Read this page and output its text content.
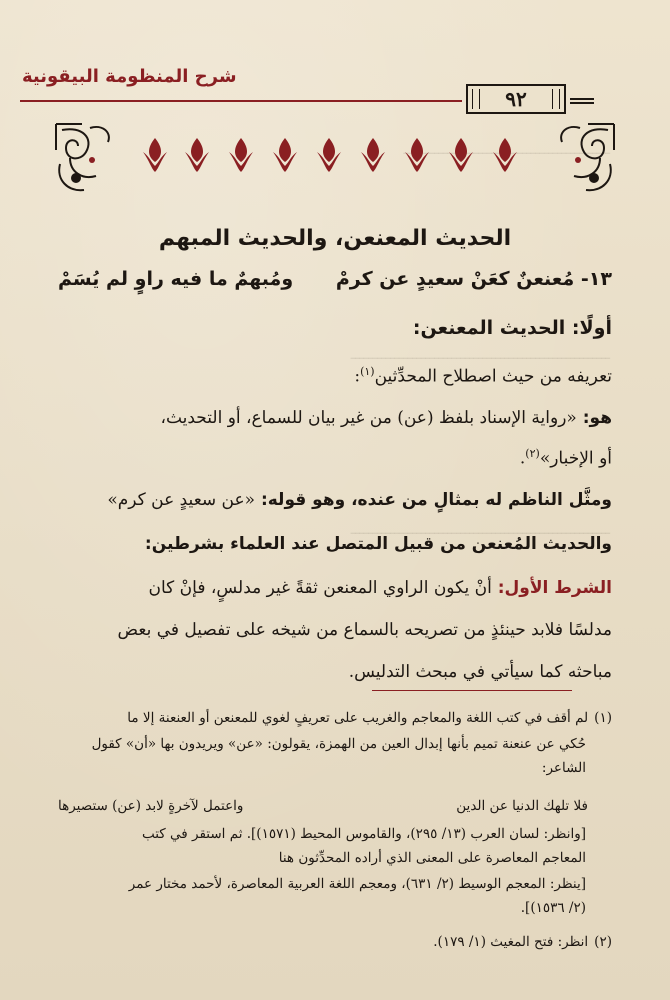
ـــــــــــــــــــــــــــــــــــــــــــــــــــــــــــ
ـــــــــــــــــــــــــــــــــــــــــــــــــــــــــــ
شرح المنظومة البيقونية
٩٢
الحديث المعنعن، والحديث المبهم
١٣- مُعنعنٌ كعَنْ سعيدٍ عن كرمْ
ومُبهمٌ ما فيه راوٍ لم يُسَمْ
أولًا: الحديث المعنعن:
تعريفه من حيث اصطلاح المحدِّثين$^{(١)}$:
هو: «رواية الإسناد بلفظ (عن) من غير بيان للسماع، أو التحديث،
أو الإخبار»$^{(٢)}$.
ومثَّل الناظم له بمثالٍ من عنده، وهو قوله: «عن سعيدٍ عن كرم»
والحديث المُعنعن من قبيل المتصل عند العلماء بشرطين:
الشرط الأول: أنْ يكون الراوي المعنعن ثقةً غير مدلسٍ، فإنْ كان
مدلسًا فلابد حينئذٍ من تصريحه بالسماع من شيخه على تفصيل في بعض
مباحثه كما سيأتي في مبحث التدليس.
(١)لم أقف في كتب اللغة والمعاجم والغريب على تعريفٍ لغوي للمعنعن أو العنعنة إلا ما
حُكي عن عنعنة تميم بأنها إبدال العين من الهمزة، يقولون: «عن» ويريدون بها «أن» كقول
الشاعر:
فلا تلهك الدنيا عن الدين
واعتمل لآخرةٍ لابد (عن) ستصيرها
[وانظر: لسان العرب (١٣/ ٢٩٥)، والقاموس المحيط (١٥٧١)]. ثم استقر في كتب
المعاجم المعاصرة على المعنى الذي أراده المحدِّثون هنا
[ينظر: المعجم الوسيط (٢/ ٦٣١)، ومعجم اللغة العربية المعاصرة، لأحمد مختار عمر
(٢/ ١٥٣٦)].
(٢)انظر: فتح المغيث (١/ ١٧٩).
